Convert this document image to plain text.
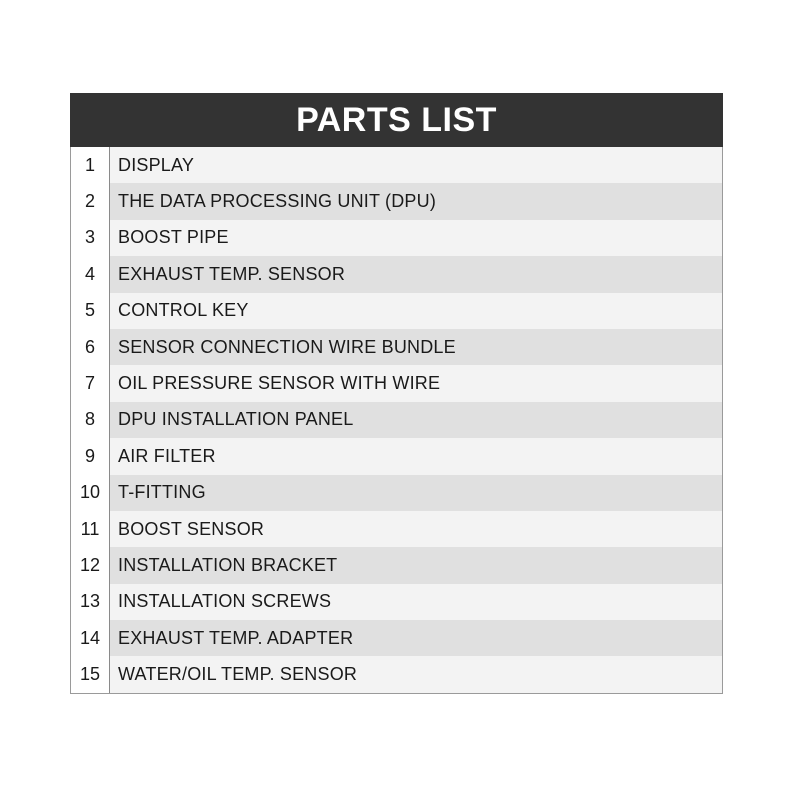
PARTS LIST
1	DISPLAY
2	THE DATA PROCESSING UNIT (DPU)
3	BOOST PIPE
4	EXHAUST TEMP. SENSOR
5	CONTROL KEY
6	SENSOR CONNECTION WIRE BUNDLE
7	OIL PRESSURE SENSOR WITH WIRE
8	DPU INSTALLATION PANEL
9	AIR FILTER
10 T-FITTING
11	BOOST SENSOR
12 INSTALLATION BRACKET
13 INSTALLATION SCREWS
14 EXHAUST TEMP. ADAPTER
15 WATER/OIL TEMP. SENSOR
